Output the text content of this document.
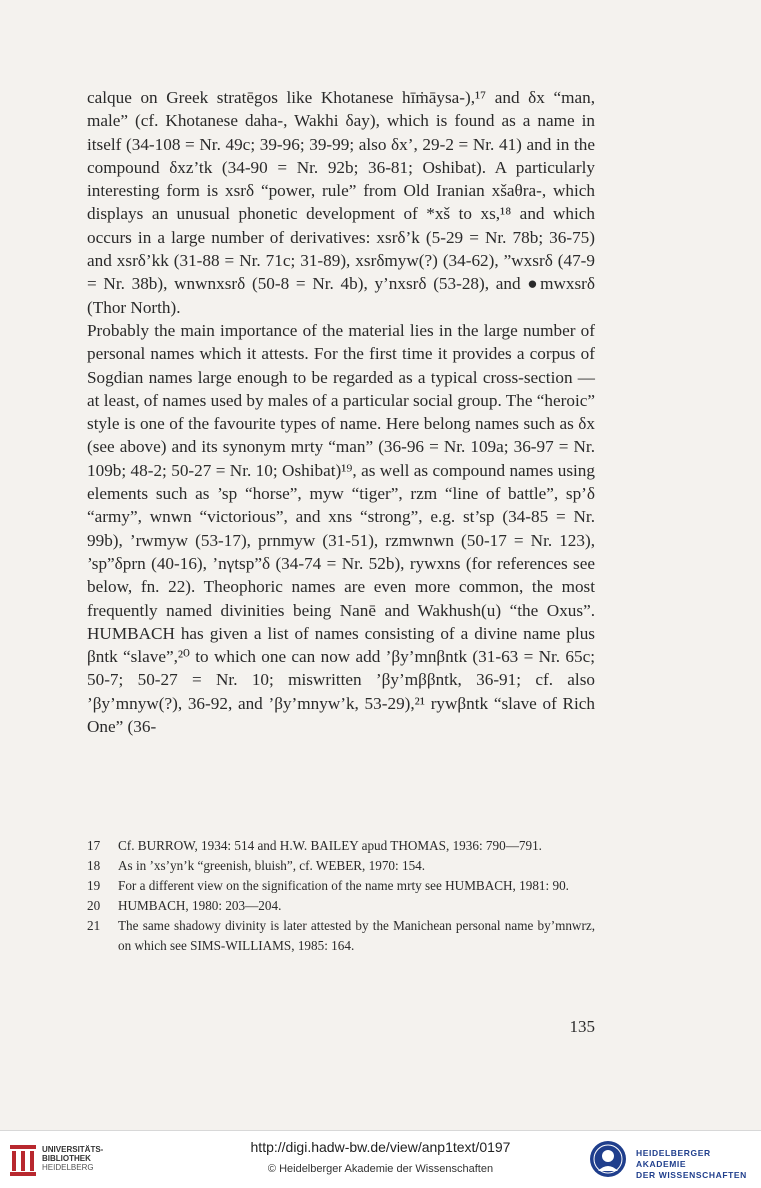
calque on Greek stratēgos like Khotanese hīṁāysa-),¹⁷ and δx “man, male” (cf. Khotanese daha-, Wakhi δay), which is found as a name in itself (34-108 = Nr. 49c; 39-96; 39-99; also δx’, 29-2 = Nr. 41) and in the compound δxz’tk (34-90 = Nr. 92b; 36-81; Oshibat). A particularly interesting form is xsrδ “power, rule” from Old Iranian xšaθra-, which displays an unusual phonetic development of *xš to xs,¹⁸ and which occurs in a large number of derivatives: xsrδ’k (5-29 = Nr. 78b; 36-75) and xsrδ’kk (31-88 = Nr. 71c; 31-89), xsrδmyw(?) (34-62), ”wxsrδ (47-9 = Nr. 38b), wnwnxsrδ (50-8 = Nr. 4b), y’nxsrδ (53-28), and ●mwxsrδ (Thor North).

Probably the main importance of the material lies in the large number of personal names which it attests. For the first time it provides a corpus of Sogdian names large enough to be regarded as a typical cross-section — at least, of names used by males of a particular social group. The “heroic” style is one of the favourite types of name. Here belong names such as δx (see above) and its synonym mrty “man” (36-96 = Nr. 109a; 36-97 = Nr. 109b; 48-2; 50-27 = Nr. 10; Oshibat)¹⁹, as well as compound names using elements such as ’sp “horse”, myw “tiger”, rzm “line of battle”, sp’δ “army”, wnwn “victorious”, and xns “strong”, e.g. st’sp (34-85 = Nr. 99b), ’rwmyw (53-17), prnmyw (31-51), rzmwnwn (50-17 = Nr. 123), ’sp”δprn (40-16), ’nγtsp”δ (34-74 = Nr. 52b), rywxns (for references see below, fn. 22). Theophoric names are even more common, the most frequently named divinities being Nanē and Wakhush(u) “the Oxus”. HUMBACH has given a list of names consisting of a divine name plus βntk “slave”,²⁰ to which one can now add ’βy’mnβntk (31-63 = Nr. 65c; 50-7; 50-27 = Nr. 10; miswritten ’βy’mββntk, 36-91; cf. also ’βy’mnyw(?), 36-92, and ’βy’mnyw’k, 53-29),²¹ rywβntk “slave of Rich One” (36-

17 Cf. BURROW, 1934: 514 and H.W. BAILEY apud THOMAS, 1936: 790—791.

18 As in ’xs’yn’k “greenish, bluish”, cf. WEBER, 1970: 154.

19 For a different view on the signification of the name mrty see HUMBACH, 1981: 90.

20 HUMBACH, 1980: 203—204.

21 The same shadowy divinity is later attested by the Manichean personal name by’mnwrz, on which see SIMS-WILLIAMS, 1985: 164.

135
UNIVERSITÄTS-
BIBLIOTHEK
HEIDELBERG
http://digi.hadw-bw.de/view/anp1text/0197
© Heidelberger Akademie der Wissenschaften
HEIDELBERGER AKADEMIE
DER WISSENSCHAFTEN
